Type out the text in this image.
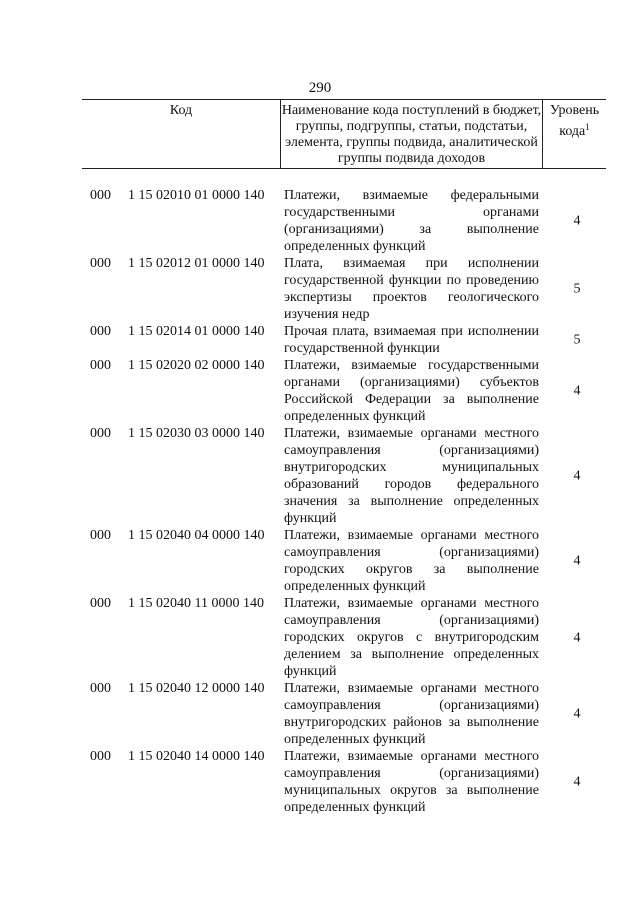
290
Код	Наименование кода поступлений в бюджет, группы, подгруппы, статьи, подстатьи, элемента, группы подвида, аналитической группы подвида доходов
Уровень кода$^1$
000 1 15 02010 01 0000 140 Платежи, взимаемые федеральными государственными органами (организациями) за выполнение определенных функций
4
000 1 15 02012 01 0000 140 Плата, взимаемая при исполнении государственной функции по проведению экспертизы проектов геологического изучения недр
5
000 1 15 02014 01 0000 140 Прочая плата, взимаемая при исполнении государственной функции
5
000 1 15 02020 02 0000 140 Платежи, взимаемые государственными органами (организациями) субъектов Российской Федерации за выполнение определенных функций
4
000 1 15 02030 03 0000 140 Платежи, взимаемые органами местного самоуправления (организациями) внутригородских муниципальных образований городов федерального значения за выполнение определенных функций
4
000 1 15 02040 04 0000 140 Платежи, взимаемые органами местного самоуправления (организациями) городских округов за выполнение определенных функций
4
000 1 15 02040 11 0000 140 Платежи, взимаемые органами местного самоуправления (организациями) городских округов с внутригородским делением за выполнение определенных функций
4
000 1 15 02040 12 0000 140 Платежи, взимаемые органами местного самоуправления (организациями) внутригородских районов за выполнение определенных функций
4
000 1 15 02040 14 0000 140 Платежи, взимаемые органами местного самоуправления (организациями) муниципальных округов за выполнение определенных функций
4
